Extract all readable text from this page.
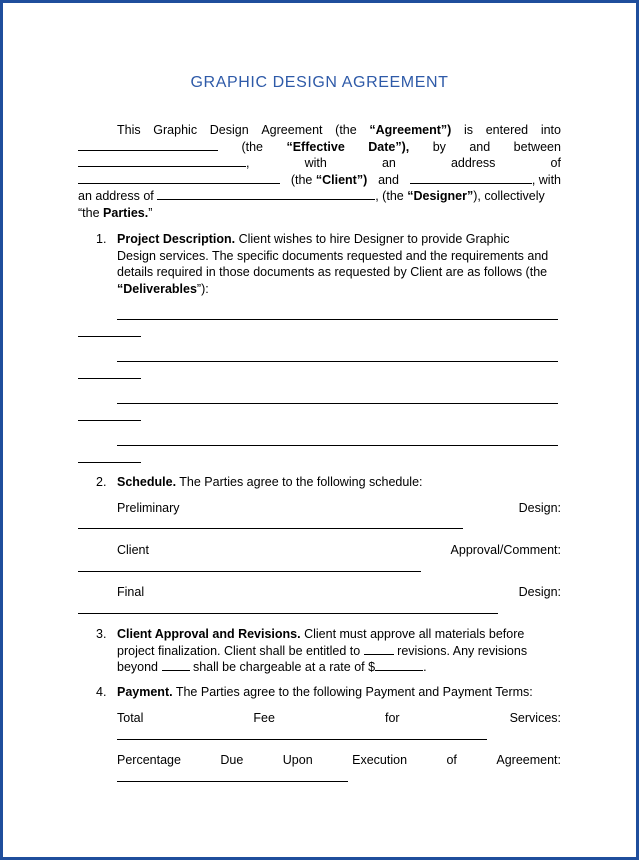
GRAPHIC DESIGN AGREEMENT
This Graphic Design Agreement (the “Agreement”) is entered into
(the “Effective Date”), by and between
,	with	an	address	of
(the “Client”) and	, with
an address of	, (the “Designer”), collectively
“the Parties.”
1. Project Description. Client wishes to hire Designer to provide Graphic
Design services. The specific documents requested and the requirements and
details required in those documents as requested by Client are as follows (the
“Deliverables”):
2. Schedule. The Parties agree to the following schedule:
Preliminary	Design:
Client	Approval/Comment:
Final	Design:
3. Client Approval and Revisions. Client must approve all materials before
project finalization. Client shall be entitled to	revisions. Any revisions
beyond	shall be chargeable at a rate of $	.
4. Payment. The Parties agree to the following Payment and Payment Terms:
Total	Fee	for	Services:
Percentage	Due	Upon	Execution	of	Agreement:
